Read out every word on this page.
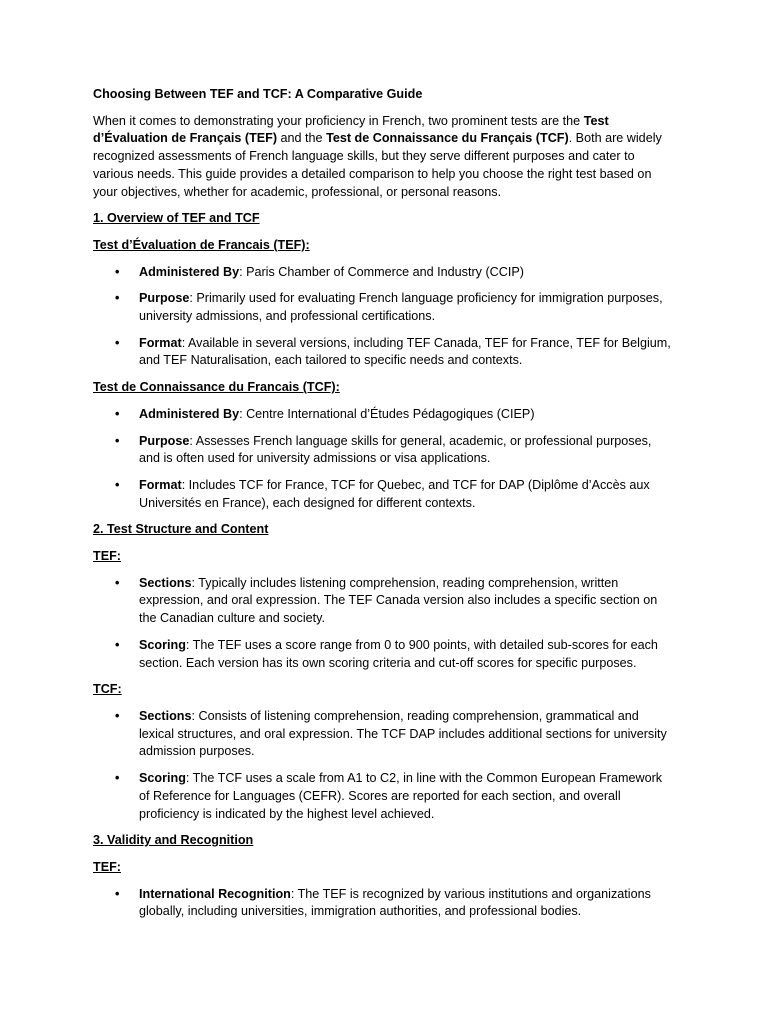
Choosing Between TEF and TCF: A Comparative Guide

When it comes to demonstrating your proficiency in French, two prominent tests are the Test d’Évaluation de Français (TEF) and the Test de Connaissance du Français (TCF). Both are widely recognized assessments of French language skills, but they serve different purposes and cater to various needs. This guide provides a detailed comparison to help you choose the right test based on your objectives, whether for academic, professional, or personal reasons.

1. Overview of TEF and TCF

Test d’Évaluation de Francais (TEF):

• Administered By: Paris Chamber of Commerce and Industry (CCIP)
• Purpose: Primarily used for evaluating French language proficiency for immigration purposes, university admissions, and professional certifications.
• Format: Available in several versions, including TEF Canada, TEF for France, TEF for Belgium, and TEF Naturalisation, each tailored to specific needs and contexts.

Test de Connaissance du Francais (TCF):

• Administered By: Centre International d’Études Pédagogiques (CIEP)
• Purpose: Assesses French language skills for general, academic, or professional purposes, and is often used for university admissions or visa applications.
• Format: Includes TCF for France, TCF for Quebec, and TCF for DAP (Diplôme d’Accès aux Universités en France), each designed for different contexts.

2. Test Structure and Content

TEF:

• Sections: Typically includes listening comprehension, reading comprehension, written expression, and oral expression. The TEF Canada version also includes a specific section on the Canadian culture and society.
• Scoring: The TEF uses a score range from 0 to 900 points, with detailed sub-scores for each section. Each version has its own scoring criteria and cut-off scores for specific purposes.

TCF:

• Sections: Consists of listening comprehension, reading comprehension, grammatical and lexical structures, and oral expression. The TCF DAP includes additional sections for university admission purposes.
• Scoring: The TCF uses a scale from A1 to C2, in line with the Common European Framework of Reference for Languages (CEFR). Scores are reported for each section, and overall proficiency is indicated by the highest level achieved.

3. Validity and Recognition

TEF:

• International Recognition: The TEF is recognized by various institutions and organizations globally, including universities, immigration authorities, and professional bodies.
